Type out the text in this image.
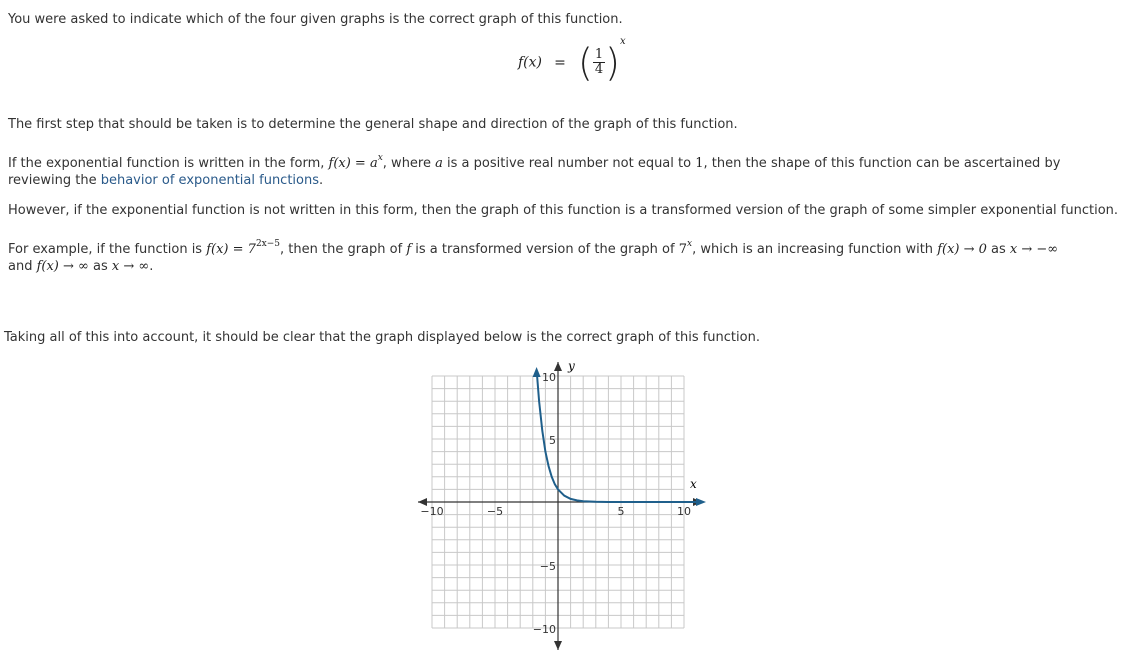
You were asked to indicate which of the four given graphs is the correct graph of this function.
f(x) = ( $\frac{1}{4} )^x$
The first step that should be taken is to determine the general shape and direction of the graph of this function.
If the exponential function is written in the form, $f(x) = a^x$, where a is a positive real number not equal to 1, then the shape of this function can be ascertained by
reviewing the behavior of exponential functions.
However, if the exponential function is not written in this form, then the graph of this function is a transformed version of the graph of some simpler exponential function.
For example, if the function is $f(x) = 7^{2x-5}$, then the graph of f is a transformed version of the graph of 7$^x$, which is an increasing function with f(x) → 0 as x → −∞
and f(x) → ∞ as x → ∞.
Taking all of this into account, it should be clear that the graph displayed below is the correct graph of this function.
−10	−5	5	10
10
5
−5
−10
x
y
